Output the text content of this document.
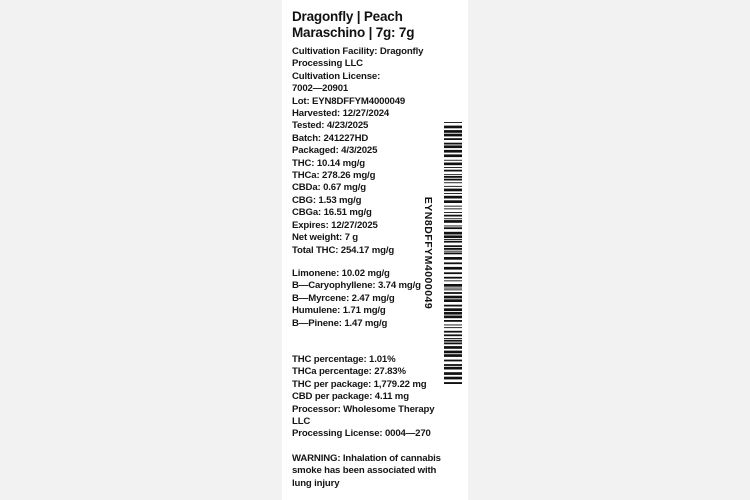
Dragonfly | Peach Maraschino | 7g: 7g
Cultivation Facility: Dragonfly Processing LLC
Cultivation License:
7002—20901
Lot: EYN8DFFYM4000049
Harvested: 12/27/2024
Tested: 4/23/2025
Batch: 241227HD
Packaged: 4/3/2025
THC: 10.14 mg/g
THCa: 278.26 mg/g
CBDa: 0.67 mg/g
CBG: 1.53 mg/g
CBGa: 16.51 mg/g
Expires: 12/27/2025
Net weight: 7 g
Total THC: 254.17 mg/g
Limonene: 10.02 mg/g
B—Caryophyllene: 3.74 mg/g
B—Myrcene: 2.47 mg/g
Humulene: 1.71 mg/g
B—Pinene: 1.47 mg/g
THC percentage: 1.01%
THCa percentage: 27.83%
THC per package: 1,779.22 mg
CBD per package: 4.11 mg
Processor: Wholesome Therapy LLC
Processing License: 0004—270
WARNING: Inhalation of cannabis smoke has been associated with lung injury
EYN8DFFYM4000049
